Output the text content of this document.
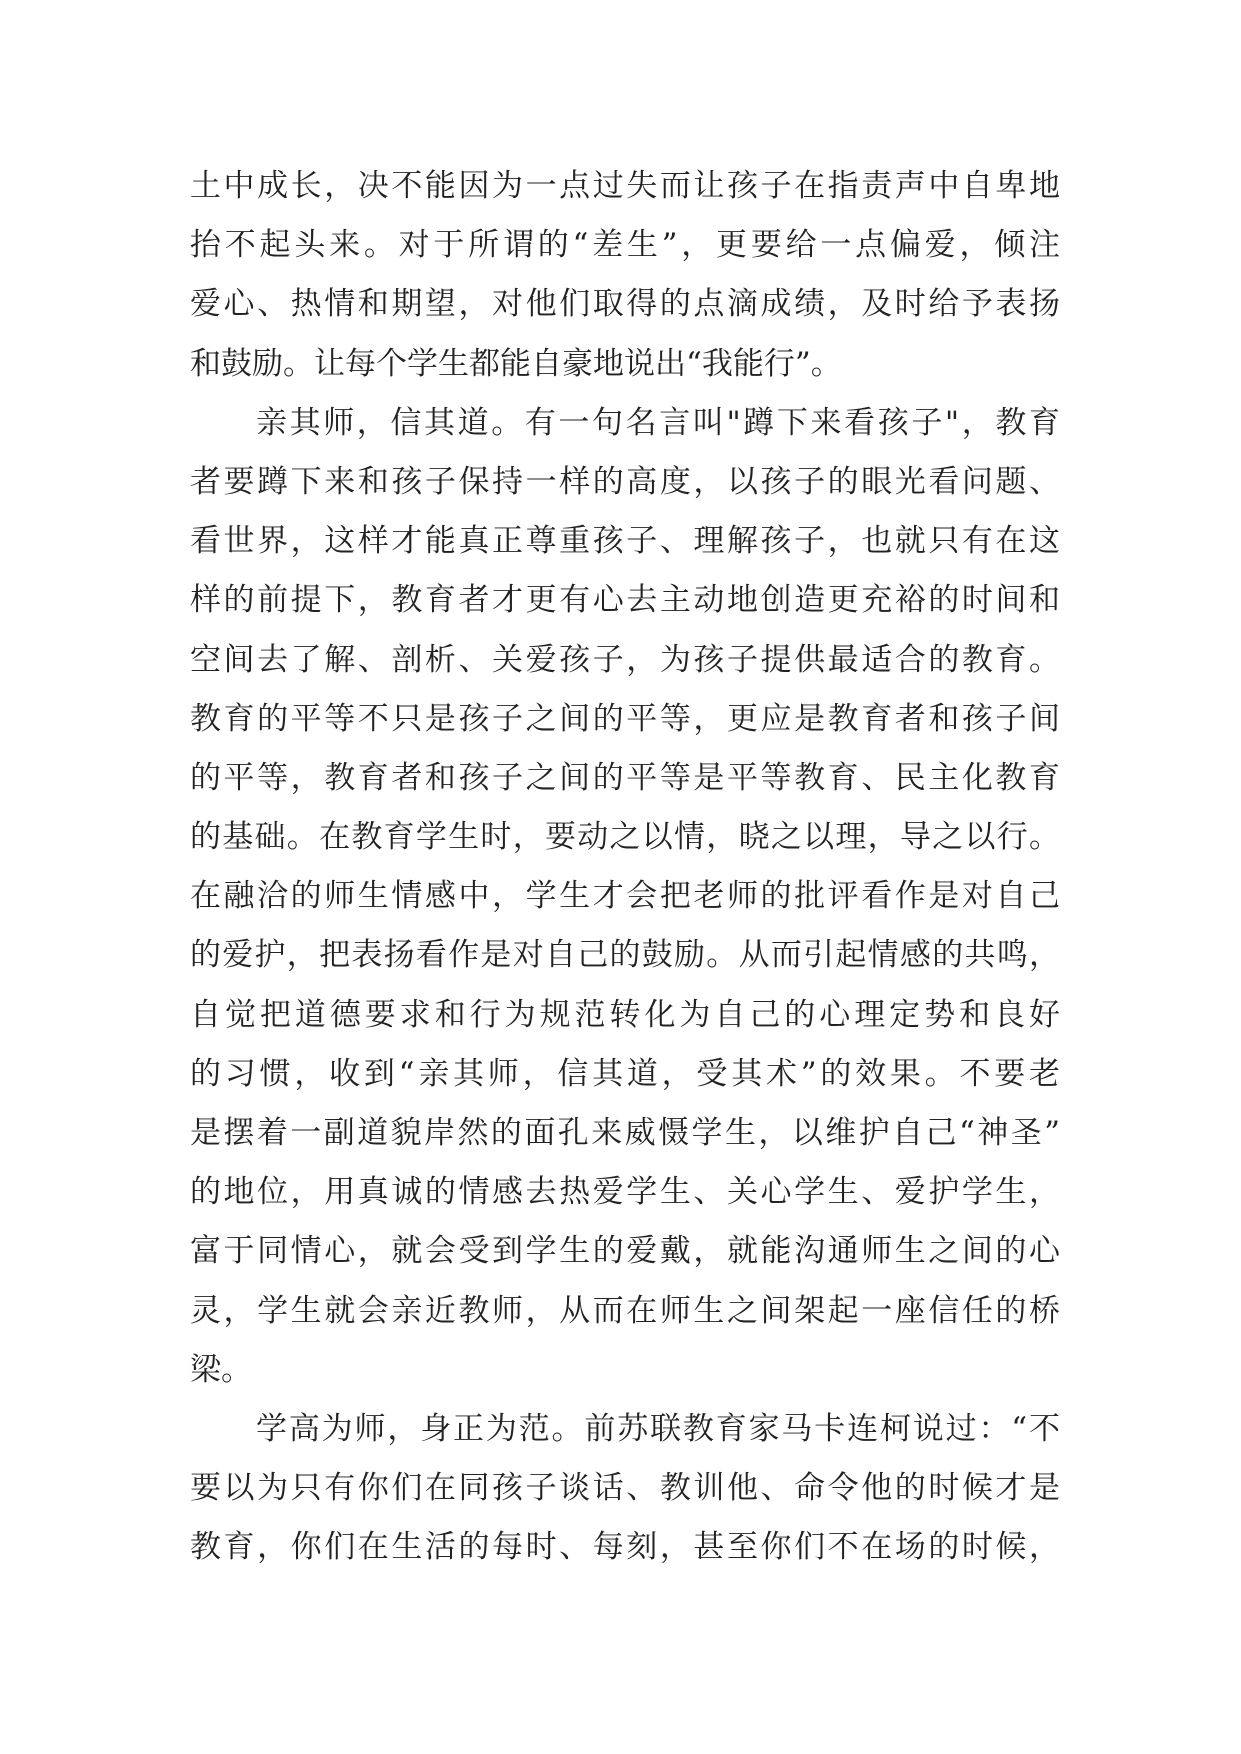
土中成长，决不能因为一点过失而让孩子在指责声中自卑地
抬不起头来。对于所谓的“差生”，更要给一点偏爱，倾注
爱心、热情和期望，对他们取得的点滴成绩，及时给予表扬
和鼓励。让每个学生都能自豪地说出“我能行”。
亲其师，信其道。有一句名言叫"蹲下来看孩子"，教育
者要蹲下来和孩子保持一样的高度，以孩子的眼光看问题、
看世界，这样才能真正尊重孩子、理解孩子，也就只有在这
样的前提下，教育者才更有心去主动地创造更充裕的时间和
空间去了解、剖析、关爱孩子，为孩子提供最适合的教育。
教育的平等不只是孩子之间的平等，更应是教育者和孩子间
的平等，教育者和孩子之间的平等是平等教育、民主化教育
的基础。在教育学生时，要动之以情，晓之以理，导之以行。
在融洽的师生情感中，学生才会把老师的批评看作是对自己
的爱护，把表扬看作是对自己的鼓励。从而引起情感的共鸣，
自觉把道德要求和行为规范转化为自己的心理定势和良好
的习惯，收到“亲其师，信其道，受其术”的效果。不要老
是摆着一副道貌岸然的面孔来威慑学生，以维护自己“神圣”
的地位，用真诚的情感去热爱学生、关心学生、爱护学生，
富于同情心，就会受到学生的爱戴，就能沟通师生之间的心
灵，学生就会亲近教师，从而在师生之间架起一座信任的桥
梁。
学高为师，身正为范。前苏联教育家马卡连柯说过：“不
要以为只有你们在同孩子谈话、教训他、命令他的时候才是
教育，你们在生活的每时、每刻，甚至你们不在场的时候，
